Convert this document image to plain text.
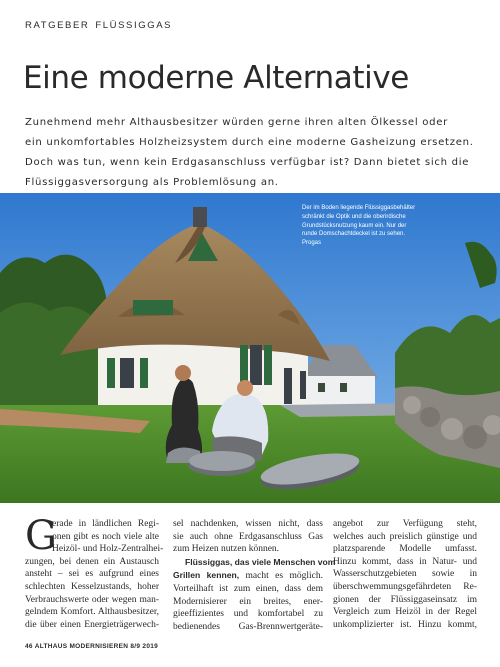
RATGEBER FLÜSSIGGAS
Eine moderne Alternative
Zunehmend mehr Althausbesitzer würden gerne ihren alten Ölkessel oder
ein unkomfortables Holzheizsystem durch eine moderne Gasheizung ersetzen.
Doch was tun, wenn kein Erdgasanschluss verfügbar ist? Dann bietet sich die
Flüssiggasversorgung als Problemlösung an.
Der im Boden liegende Flüssiggasbehälter
schränkt die Optik und die oberirdische
Grundstücksnutzung kaum ein. Nur der
runde Domschachtdeckel ist zu sehen.
Progas
G
erade in ländlichen Regi-
onen gibt es noch viele alte
Heizöl- und Holz-Zentralhei-
zungen, bei denen ein Austausch
ansteht – sei es aufgrund eines
schlechten Kesselzustands, hoher
Verbrauchswerte oder wegen man-
gelndem Komfort. Althausbesitzer,
die über einen Energieträgerwech-
sel nachdenken, wissen nicht, dass
sie auch ohne Erdgasanschluss Gas
zum Heizen nutzen können.
Flüssiggas, das viele Menschen vom
Grillen kennen, macht es möglich.
Vorteilhaft ist zum einen, dass dem
Modernisierer ein breites, ener-
gieeffizientes und komfortabel zu
bedienendes Gas-Brennwertgeräte-
angebot zur Verfügung steht,
welches auch preislich günstige und
platzsparende Modelle umfasst.
Hinzu kommt, dass in Natur- und
Wasserschutzgebieten sowie in
überschwemmungsgefährdeten Re-
gionen der Flüssiggaseinsatz im
Vergleich zum Heizöl in der Regel
unkomplizierter ist. Hinzu kommt,
46 ALTHAUS MODERNISIEREN 8/9 2019
